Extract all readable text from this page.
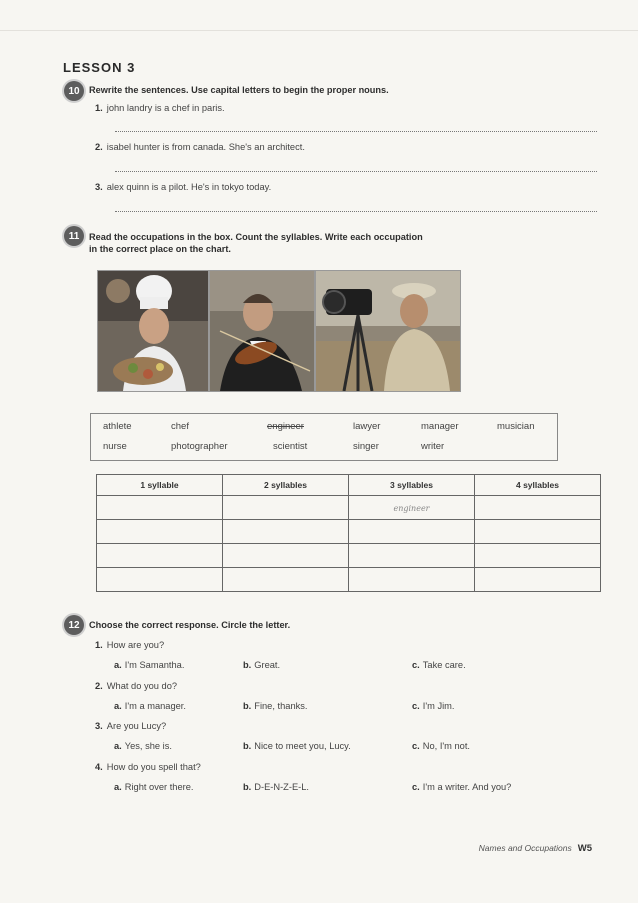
LESSON 3
10	Rewrite the sentences. Use capital letters to begin the proper nouns.
1. john landry is a chef in paris.
2. isabel hunter is from canada. She's an architect.
3. alex quinn is a pilot. He's in tokyo today.
11	Read the occupations in the box. Count the syllables. Write each occupation
in the correct place on the chart.
athlete	chef	engineer	lawyer	manager	musician
nurse	photographer	scientist	singer	writer
1 syllable	2 syllables	3 syllables	4 syllables
		engineer	

12	Choose the correct response. Circle the letter.
1. How are you?
a. I'm Samantha.	b. Great.	c. Take care.
2. What do you do?
a. I'm a manager.	b. Fine, thanks.	c. I'm Jim.
3. Are you Lucy?
a. Yes, she is.	b. Nice to meet you, Lucy.	c. No, I'm not.
4. How do you spell that?
a. Right over there.	b. D-E-N-Z-E-L.	c. I'm a writer. And you?
Names and Occupations W5
